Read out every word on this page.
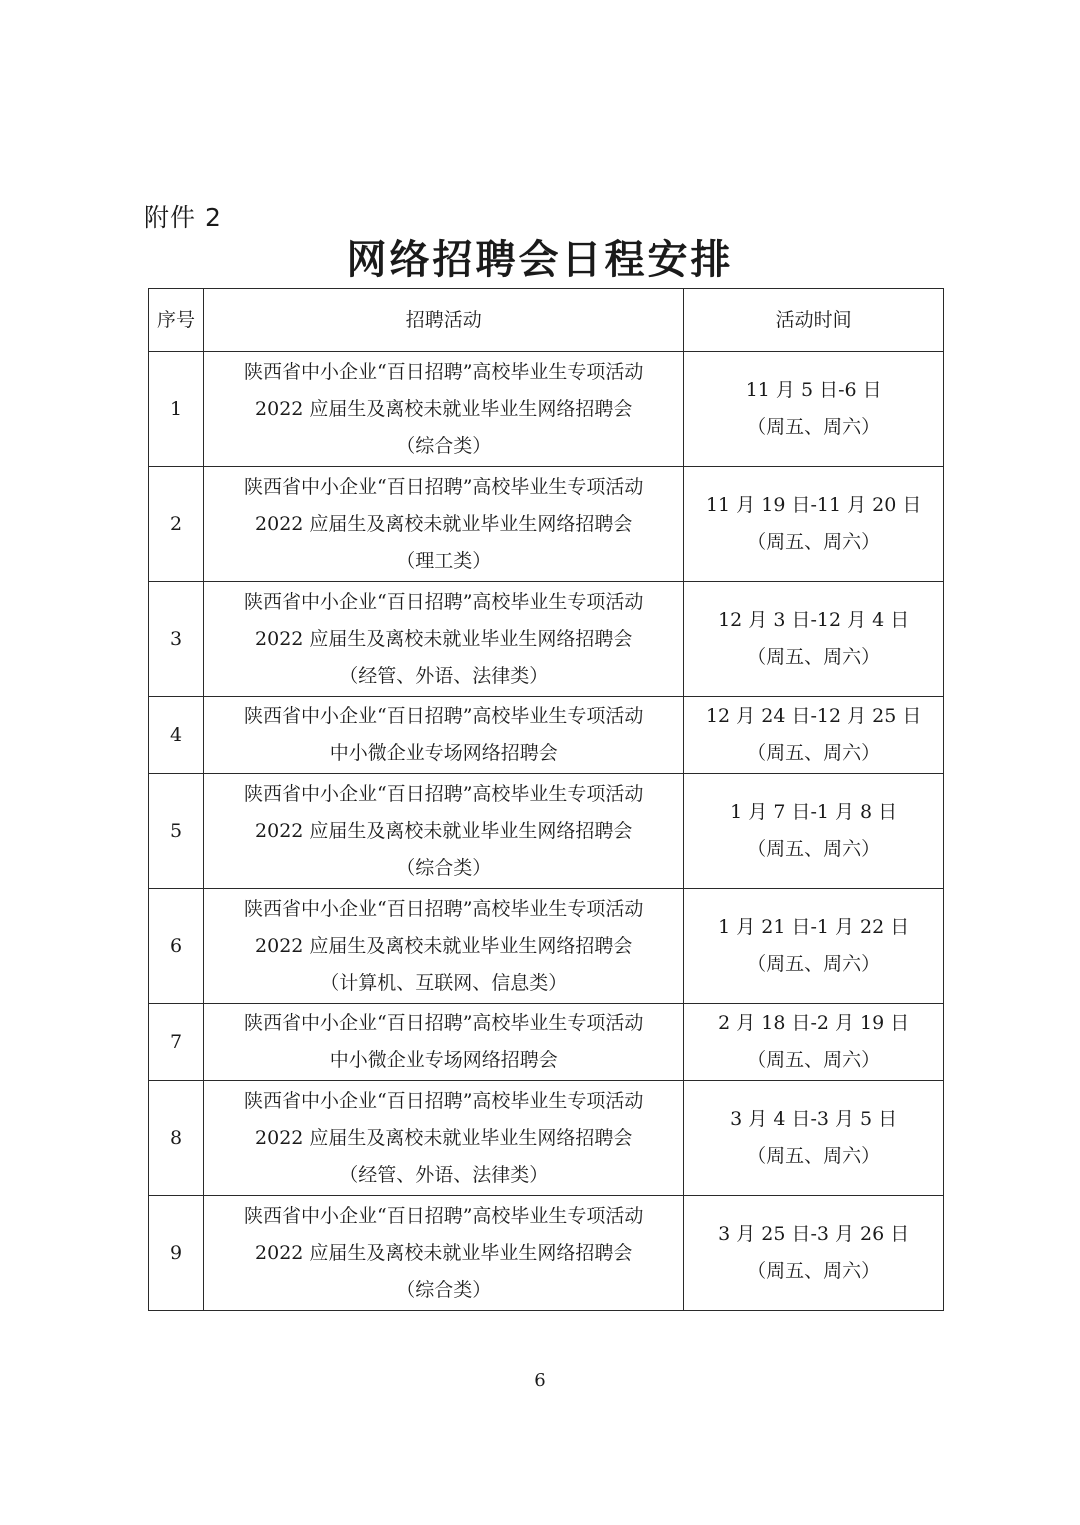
附件 2
网络招聘会日程安排
序号	招聘活动	活动时间
1	陕西省中小企业“百日招聘”高校毕业生专项活动
2022 应届生及离校未就业毕业生网络招聘会
（综合类）	11 月 5 日-6 日
（周五、周六）

2	陕西省中小企业“百日招聘”高校毕业生专项活动
2022 应届生及离校未就业毕业生网络招聘会
（理工类）	11 月 19 日-11 月 20 日
（周五、周六）

3	陕西省中小企业“百日招聘”高校毕业生专项活动
2022 应届生及离校未就业毕业生网络招聘会
（经管、外语、法律类）	12 月 3 日-12 月 4 日
（周五、周六）

4	陕西省中小企业“百日招聘”高校毕业生专项活动
中小微企业专场网络招聘会	12 月 24 日-12 月 25 日
（周五、周六）

5	陕西省中小企业“百日招聘”高校毕业生专项活动
2022 应届生及离校未就业毕业生网络招聘会
（综合类）	1 月 7 日-1 月 8 日
（周五、周六）

6	陕西省中小企业“百日招聘”高校毕业生专项活动
2022 应届生及离校未就业毕业生网络招聘会
（计算机、互联网、信息类）	1 月 21 日-1 月 22 日
（周五、周六）

7	陕西省中小企业“百日招聘”高校毕业生专项活动
中小微企业专场网络招聘会	2 月 18 日-2 月 19 日
（周五、周六）

8	陕西省中小企业“百日招聘”高校毕业生专项活动
2022 应届生及离校未就业毕业生网络招聘会
（经管、外语、法律类）	3 月 4 日-3 月 5 日
（周五、周六）

9	陕西省中小企业“百日招聘”高校毕业生专项活动
2022 应届生及离校未就业毕业生网络招聘会
（综合类）	3 月 25 日-3 月 26 日
（周五、周六）
6
